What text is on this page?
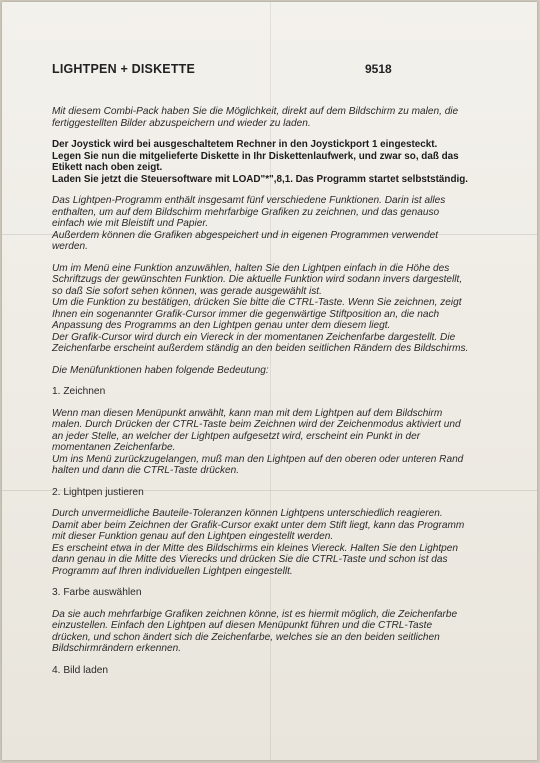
LIGHTPEN + DISKETTE	9518

Mit diesem Combi-Pack haben Sie die Möglichkeit, direkt auf dem Bildschirm zu malen, die
fertiggestellten Bilder abzuspeichern und wieder zu laden.

Der Joystick wird bei ausgeschaltetem Rechner in den Joystickport 1 eingesteckt.
Legen Sie nun die mitgelieferte Diskette in Ihr Diskettenlaufwerk, und zwar so, daß das
Etikett nach oben zeigt.
Laden Sie jetzt die Steuersoftware mit LOAD"*",8,1. Das Programm startet selbstständig.

Das Lightpen-Programm enthält insgesamt fünf verschiedene Funktionen. Darin ist alles
enthalten, um auf dem Bildschirm mehrfarbige Grafiken zu zeichnen, und das genauso
einfach wie mit Bleistift und Papier.
Außerdem können die Grafiken abgespeichert und in eigenen Programmen verwendet
werden.

Um im Menü eine Funktion anzuwählen, halten Sie den Lightpen einfach in die Höhe des
Schriftzugs der gewünschten Funktion. Die aktuelle Funktion wird sodann invers dargestellt,
so daß Sie sofort sehen können, was gerade ausgewählt ist.
Um die Funktion zu bestätigen, drücken Sie bitte die CTRL-Taste. Wenn Sie zeichnen, zeigt
Ihnen ein sogenannter Grafik-Cursor immer die gegenwärtige Stiftposition an, die nach
Anpassung des Programms an den Lightpen genau unter dem diesem liegt.
Der Grafik-Cursor wird durch ein Viereck in der momentanen Zeichenfarbe dargestellt. Die
Zeichenfarbe erscheint außerdem ständig an den beiden seitlichen Rändern des Bildschirms.

Die Menüfunktionen haben folgende Bedeutung:

1. Zeichnen

Wenn man diesen Menüpunkt anwählt, kann man mit dem Lightpen auf dem Bildschirm
malen. Durch Drücken der CTRL-Taste beim Zeichnen wird der Zeichenmodus aktiviert und
an jeder Stelle, an welcher der Lightpen aufgesetzt wird, erscheint ein Punkt in der
momentanen Zeichenfarbe.
Um ins Menü zurückzugelangen, muß man den Lightpen auf den oberen oder unteren Rand
halten und dann die CTRL-Taste drücken.

2. Lightpen justieren

Durch unvermeidliche Bauteile-Toleranzen können Lightpens unterschiedlich reagieren.
Damit aber beim Zeichnen der Grafik-Cursor exakt unter dem Stift liegt, kann das Programm
mit dieser Funktion genau auf den Lightpen eingestellt werden.
Es erscheint etwa in der Mitte des Bildschirms ein kleines Viereck. Halten Sie den Lightpen
dann genau in die Mitte des Vierecks und drücken Sie die CTRL-Taste und schon ist das
Programm auf Ihren individuellen Lightpen eingestellt.

3. Farbe auswählen

Da sie auch mehrfarbige Grafiken zeichnen könne, ist es hiermit möglich, die Zeichenfarbe
einzustellen. Einfach den Lightpen auf diesen Menüpunkt führen und die CTRL-Taste
drücken, und schon ändert sich die Zeichenfarbe, welches sie an den beiden seitlichen
Bildschirmrändern erkennen.

4. Bild laden
